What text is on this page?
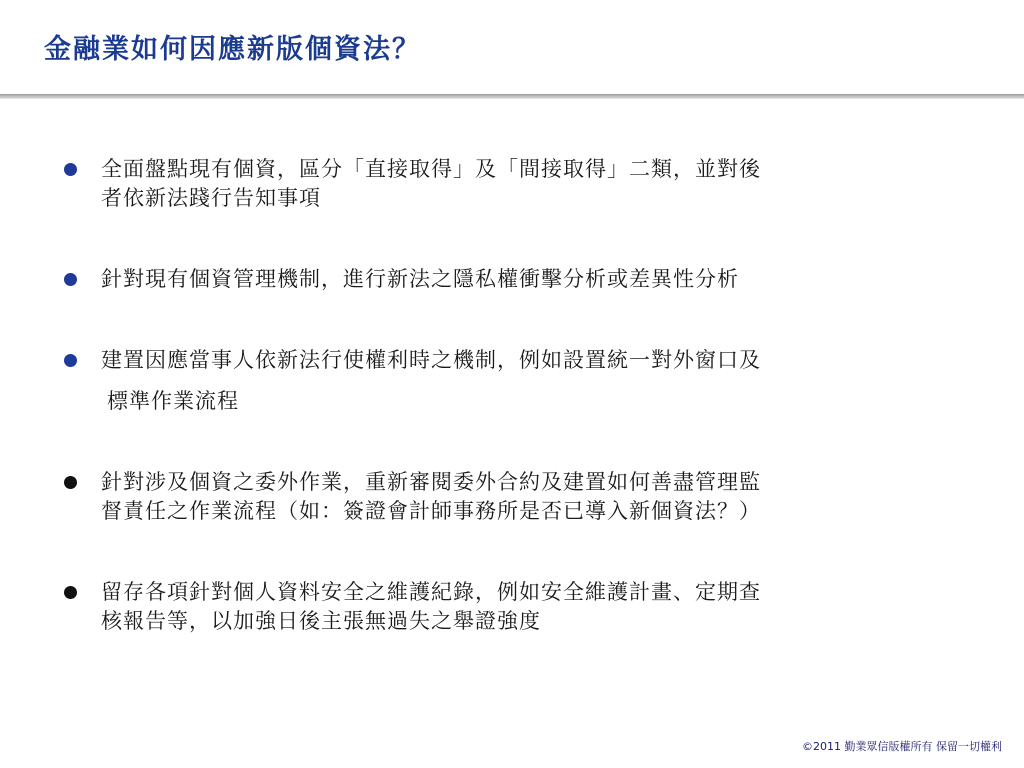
金融業如何因應新版個資法？
全面盤點現有個資，區分「直接取得」及「間接取得」二類，並對後
者依新法踐行告知事項
針對現有個資管理機制，進行新法之隱私權衝擊分析或差異性分析
建置因應當事人依新法行使權利時之機制，例如設置統一對外窗口及
標準作業流程
針對涉及個資之委外作業，重新審閱委外合約及建置如何善盡管理監
督責任之作業流程（如：簽證會計師事務所是否已導入新個資法？）
留存各項針對個人資料安全之維護紀錄，例如安全維護計畫、定期查
核報告等，以加強日後主張無過失之舉證強度
©2011 勤業眾信版權所有 保留一切權利
